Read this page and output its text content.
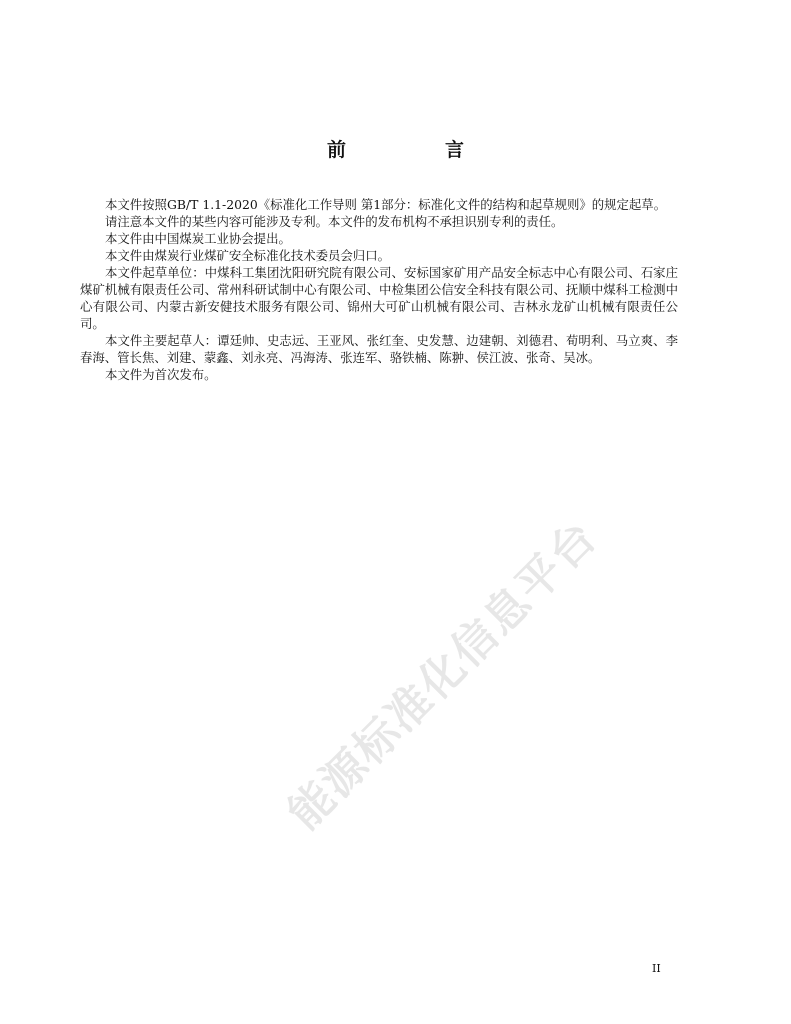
前　言

本文件按照GB/T 1.1-2020《标准化工作导则 第1部分：标准化文件的结构和起草规则》的规定起草。

请注意本文件的某些内容可能涉及专利。本文件的发布机构不承担识别专利的责任。

本文件由中国煤炭工业协会提出。

本文件由煤炭行业煤矿安全标准化技术委员会归口。

本文件起草单位：中煤科工集团沈阳研究院有限公司、安标国家矿用产品安全标志中心有限公司、石家庄煤矿机械有限责任公司、常州科研试制中心有限公司、中检集团公信安全科技有限公司、抚顺中煤科工检测中心有限公司、内蒙古新安健技术服务有限公司、锦州大可矿山机械有限公司、吉林永龙矿山机械有限责任公司。

本文件主要起草人：谭廷帅、史志远、王亚风、张红奎、史发慧、边建朝、刘德君、荀明利、马立爽、李春海、管长焦、刘建、蒙鑫、刘永亮、冯海涛、张连军、骆铁楠、陈翀、侯江波、张奇、吴冰。

本文件为首次发布。

能源标准化信息平台
II
